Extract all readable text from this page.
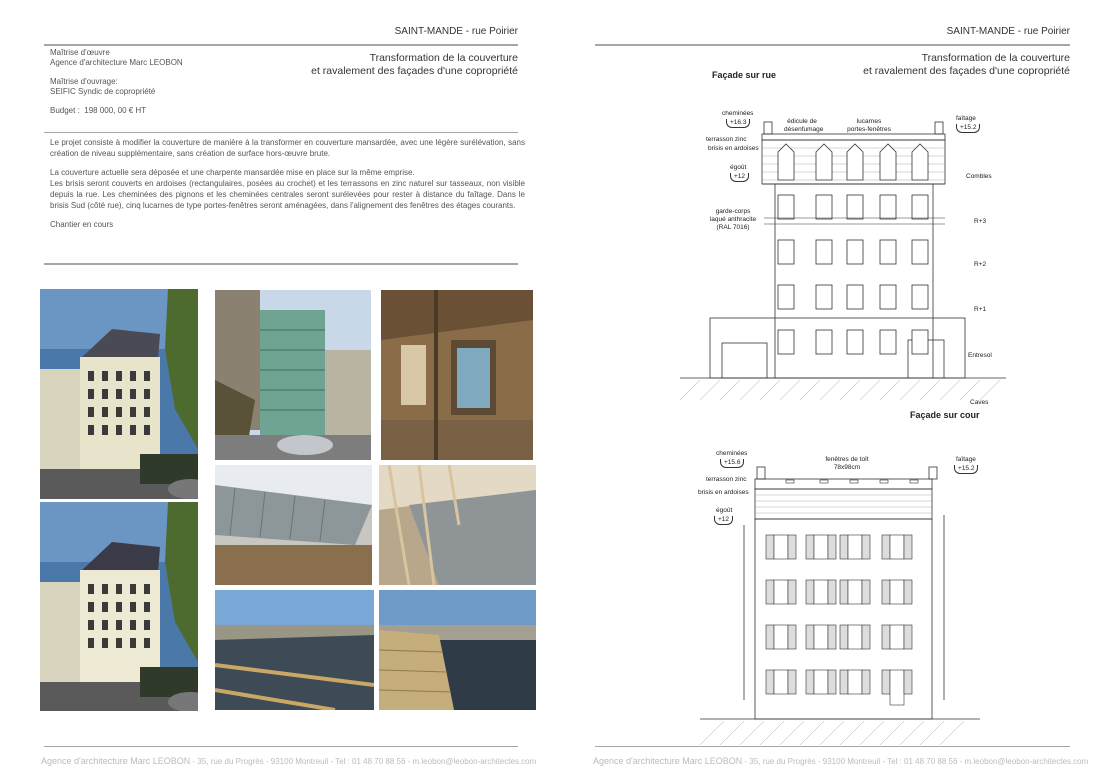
SAINT-MANDE - rue Poirier
Maîtrise d'œuvre
Agence d'architecture Marc LEOBON
Maîtrise d'ouvrage:
SEIFIC Syndic de copropriété
Budget : 198 000, 00 € HT
Transformation de la couverture
et ravalement des façades d'une copropriété
Le projet consiste à modifier la couverture de manière à la transformer en couverture mansardée, avec une légère surélévation, sans création de niveau supplémentaire, sans création de surface hors-œuvre brute.
La couverture actuelle sera déposée et une charpente mansardée mise en place sur la même emprise.
Les brisis seront couverts en ardoises (rectangulaires, posées au crochet) et les terrassons en zinc naturel sur tasseaux, non visible depuis la rue. Les cheminées des pignons et les cheminées centrales seront surélevées pour rester à distance du faîtage. Dans le brisis Sud (côté rue), cinq lucarnes de type portes-fenêtres seront aménagées, dans l'alignement des fenêtres des étages courants.
Chantier en cours
Agence d'architecture Marc LEOBON - 35, rue du Progrès - 93100 Montreuil - Tel : 01 48 70 88 56 - m.leobon@leobon-architectes.com
SAINT-MANDE - rue Poirier
Transformation de la couverture
et ravalement des façades d'une copropriété
Façade sur rue
cheminées
+16.3	édicule de désenfumage
lucarnes portes-fenêtres
faîtage
+15.2
terrasson zinc
brisis en ardoises
égoût
+12
garde-corps laqué anthracite (RAL 7016)
Combles
R+3
R+2
R+1
Entresol
Caves
Façade sur cour
cheminées
+15.6	fenêtres de toît 78x98cm
faîtage
+15.2
terrasson zinc
brisis en ardoises
égoût
+12
Agence d'architecture Marc LEOBON - 35, rue du Progrès - 93100 Montreuil - Tel : 01 48 70 88 56 - m.leobon@leobon-architectes.com
